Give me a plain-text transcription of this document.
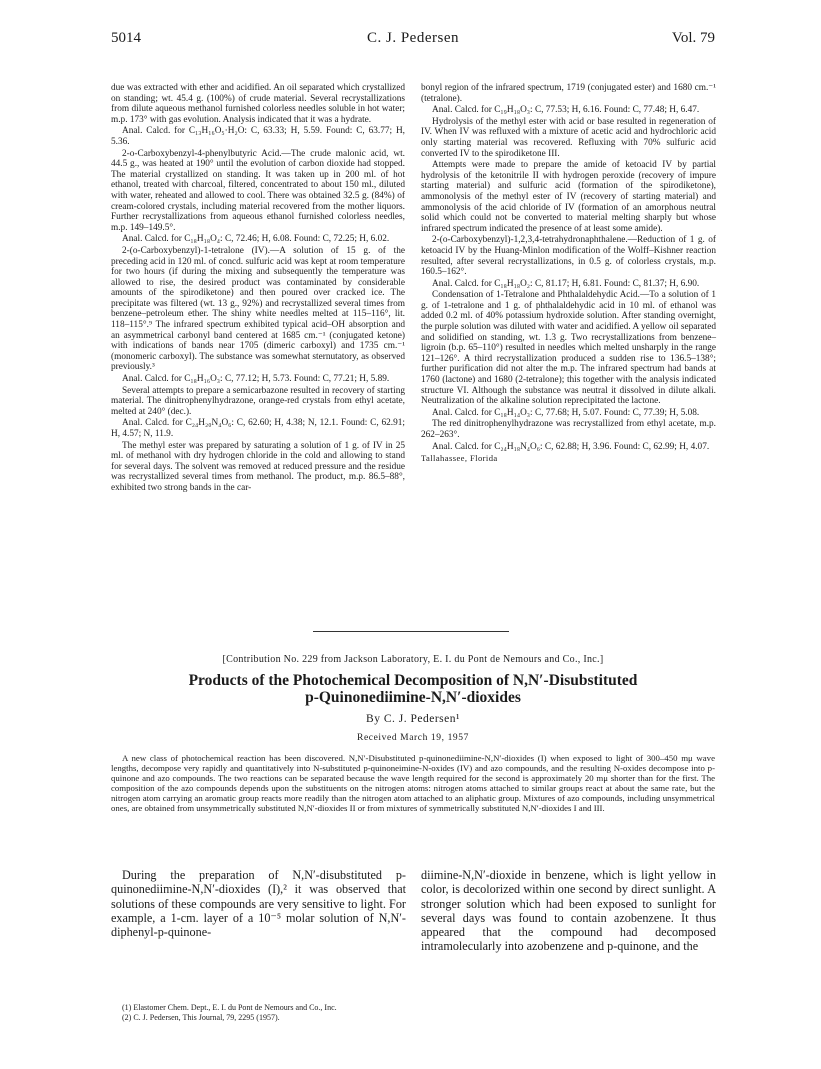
5014	C. J. Pedersen	Vol. 79

due was extracted with ether and acidified. An oil separated which crystallized on standing; wt. 45.4 g. (100%) of crude material. Several recrystallizations from dilute aqueous methanol furnished colorless needles soluble in hot water; m.p. 173° with gas evolution. Analysis indicated that it was a hydrate.

Anal. Calcd. for C₁₃H₁₆O₅·H₂O: C, 63.33; H, 5.59. Found: C, 63.77; H, 5.36.

2-o-Carboxybenzyl-4-phenylbutyric Acid.—The crude malonic acid, wt. 44.5 g., was heated at 190° until the evolution of carbon dioxide had stopped. The material crystallized on standing. It was taken up in 200 ml. of hot ethanol, treated with charcoal, filtered, concentrated to about 150 ml., diluted with water, reheated and allowed to cool. There was obtained 32.5 g. (84%) of cream-colored crystals, including material recovered from the mother liquors. Further recrystallizations from aqueous ethanol furnished colorless needles, m.p. 149–149.5°.

Anal. Calcd. for C₁₈H₁₈O₄: C, 72.46; H, 6.08. Found: C, 72.25; H, 6.02.

2-(o-Carboxybenzyl)-1-tetralone (IV).—A solution of 15 g. of the preceding acid in 120 ml. of concd. sulfuric acid was kept at room temperature for two hours (if during the mixing and subsequently the temperature was allowed to rise, the desired product was contaminated by considerable amounts of the spirodiketone) and then poured over cracked ice. The precipitate was filtered (wt. 13 g., 92%) and recrystallized several times from benzene–petroleum ether. The shiny white needles melted at 115–116°, lit. 118–115°.⁹ The infrared spectrum exhibited typical acid–OH absorption and an asymmetrical carbonyl band centered at 1685 cm.⁻¹ (conjugated ketone) with indications of bands near 1705 (dimeric carboxyl) and 1735 cm.⁻¹ (monomeric carboxyl). The substance was somewhat sternutatory, as observed previously.³

Anal. Calcd. for C₁₈H₁₆O₃: C, 77.12; H, 5.73. Found: C, 77.21; H, 5.89.

Several attempts to prepare a semicarbazone resulted in recovery of starting material. The dinitrophenylhydrazone, orange-red crystals from ethyl acetate, melted at 240° (dec.).

Anal. Calcd. for C₂₄H₂₀N₄O₆: C, 62.60; H, 4.38; N, 12.1. Found: C, 62.91; H, 4.57; N, 11.9.

The methyl ester was prepared by saturating a solution of 1 g. of IV in 25 ml. of methanol with dry hydrogen chloride in the cold and allowing to stand for several days. The solvent was removed at reduced pressure and the residue was recrystallized several times from methanol. The product, m.p. 86.5–88°, exhibited two strong bands in the car-

bonyl region of the infrared spectrum, 1719 (conjugated ester) and 1680 cm.⁻¹ (tetralone).

Anal. Calcd. for C₁₉H₁₈O₃: C, 77.53; H, 6.16. Found: C, 77.48; H, 6.47.

Hydrolysis of the methyl ester with acid or base resulted in regeneration of IV. When IV was refluxed with a mixture of acetic acid and hydrochloric acid only starting material was recovered. Refluxing with 70% sulfuric acid converted IV to the spirodiketone III.

Attempts were made to prepare the amide of ketoacid IV by partial hydrolysis of the ketonitrile II with hydrogen peroxide (recovery of impure starting material) and sulfuric acid (formation of the spirodiketone), ammonolysis of the methyl ester of IV (recovery of starting material) and ammonolysis of the acid chloride of IV (formation of an amorphous neutral solid which could not be converted to material melting sharply but whose infrared spectrum indicated the presence of at least some amide).

2-(o-Carboxybenzyl)-1,2,3,4-tetrahydronaphthalene.—Reduction of 1 g. of ketoacid IV by the Huang-Minlon modification of the Wolff–Kishner reaction resulted, after several recrystallizations, in 0.5 g. of colorless crystals, m.p. 160.5–162°.

Anal. Calcd. for C₁₈H₁₈O₂: C, 81.17; H, 6.81. Found: C, 81.37; H, 6.90.

Condensation of 1-Tetralone and Phthalaldehydic Acid.—To a solution of 1 g. of 1-tetralone and 1 g. of phthalaldehydic acid in 10 ml. of ethanol was added 0.2 ml. of 40% potassium hydroxide solution. After standing overnight, the purple solution was diluted with water and acidified. A yellow oil separated and solidified on standing, wt. 1.3 g. Two recrystallizations from benzene–ligroin (b.p. 65–110°) resulted in needles which melted unsharply in the range 121–126°. A third recrystallization produced a sudden rise to 136.5–138°; further purification did not alter the m.p. The infrared spectrum had bands at 1760 (lactone) and 1680 (2-tetralone); this together with the analysis indicated structure VI. Although the substance was neutral it dissolved in dilute alkali. Neutralization of the alkaline solution reprecipitated the lactone.

Anal. Calcd. for C₁₈H₁₄O₃: C, 77.68; H, 5.07. Found: C, 77.39; H, 5.08.

The red dinitrophenylhydrazone was recrystallized from ethyl acetate, m.p. 262–263°.

Anal. Calcd. for C₂₄H₁₈N₄O₆: C, 62.88; H, 3.96. Found: C, 62.99; H, 4.07.

Tallahassee, Florida

[Contribution No. 229 from Jackson Laboratory, E. I. du Pont de Nemours and Co., Inc.]
Products of the Photochemical Decomposition of N,N′-Disubstituted
p-Quinonediimine-N,N′-dioxides
By C. J. Pedersen¹
Received March 19, 1957

A new class of photochemical reaction has been discovered. N,N′-Disubstituted p-quinonediimine-N,N′-dioxides (I) when exposed to light of 300–450 mμ wave lengths, decompose very rapidly and quantitatively into N-substituted p-quinoneimine-N-oxides (IV) and azo compounds, and the resulting N-oxides decompose into p-quinone and azo compounds. The two reactions can be separated because the wave length required for the second is approximately 20 mμ shorter than for the first. The composition of the azo compounds depends upon the substituents on the nitrogen atoms: nitrogen atoms attached to similar groups react at about the same rate, but the nitrogen atom carrying an aromatic group reacts more readily than the nitrogen atom attached to an aliphatic group. Mixtures of azo compounds, including unsymmetrical ones, are obtained from unsymmetrically substituted N,N′-dioxides II or from mixtures of symmetrically substituted N,N′-dioxides I and III.

During the preparation of N,N′-disubstituted p-quinonediimine-N,N′-dioxides (I),² it was observed that solutions of these compounds are very sensitive to light. For example, a 1-cm. layer of a 10⁻⁵ molar solution of N,N′-diphenyl-p-quinone-

(1) Elastomer Chem. Dept., E. I. du Pont de Nemours and Co., Inc.
(2) C. J. Pedersen, This Journal, 79, 2295 (1957).

diimine-N,N′-dioxide in benzene, which is light yellow in color, is decolorized within one second by direct sunlight. A stronger solution which had been exposed to sunlight for several days was found to contain azobenzene. It thus appeared that the compound had decomposed intramolecularly into azobenzene and p-quinone, and the
